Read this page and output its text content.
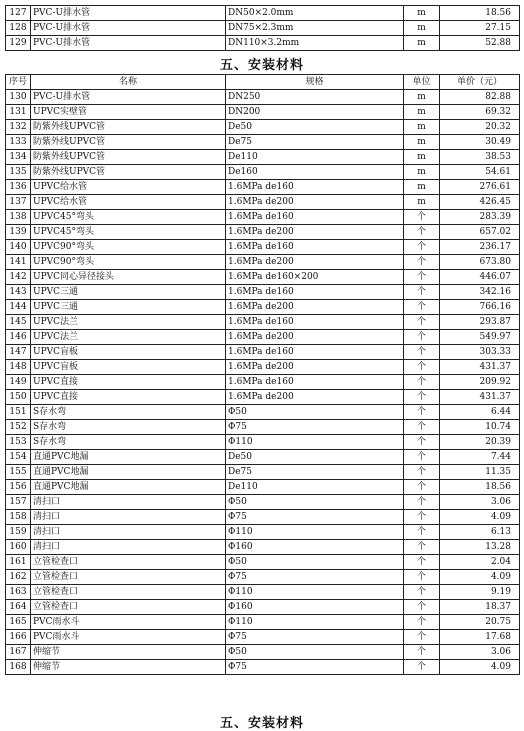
127	PVC-U排水管	DN50×2.0mm	m	18.56
128	PVC-U排水管	DN75×2.3mm	m	27.15
129	PVC-U排水管	DN110×3.2mm	m	52.88
五、安装材料
序号	名称	规格	单位	单价（元）
130	PVC-U排水管	DN250	m	82.88
131	UPVC实壁管	DN200	m	69.32
132	防紫外线UPVC管	De50	m	20.32
133	防紫外线UPVC管	De75	m	30.49
134	防紫外线UPVC管	De110	m	38.53
135	防紫外线UPVC管	De160	m	54.61
136	UPVC给水管	1.6MPa de160	m	276.61
137	UPVC给水管	1.6MPa de200	m	426.45
138	UPVC45°弯头	1.6MPa de160	个	283.39
139	UPVC45°弯头	1.6MPa de200	个	657.02
140	UPVC90°弯头	1.6MPa de160	个	236.17
141	UPVC90°弯头	1.6MPa de200	个	673.80
142	UPVC同心异径接头	1.6MPa de160×200	个	446.07
143	UPVC三通	1.6MPa de160	个	342.16
144	UPVC三通	1.6MPa de200	个	766.16
145	UPVC法兰	1.6MPa de160	个	293.87
146	UPVC法兰	1.6MPa de200	个	549.97
147	UPVC盲板	1.6MPa de160	个	303.33
148	UPVC盲板	1.6MPa de200	个	431.37
149	UPVC直接	1.6MPa de160	个	209.92
150	UPVC直接	1.6MPa de200	个	431.37
151	S存水弯	Φ50	个	6.44
152	S存水弯	Φ75	个	10.74
153	S存水弯	Φ110	个	20.39
154	直通PVC地漏	De50	个	7.44
155	直通PVC地漏	De75	个	11.35
156	直通PVC地漏	De110	个	18.56
157	清扫口	Φ50	个	3.06
158	清扫口	Φ75	个	4.09
159	清扫口	Φ110	个	6.13
160	清扫口	Φ160	个	13.28
161	立管检查口	Φ50	个	2.04
162	立管检查口	Φ75	个	4.09
163	立管检查口	Φ110	个	9.19
164	立管检查口	Φ160	个	18.37
165	PVC雨水斗	Φ110	个	20.75
166	PVC雨水斗	Φ75	个	17.68
167	伸缩节	Φ50	个	3.06
168	伸缩节	Φ75	个	4.09
五、安装材料
